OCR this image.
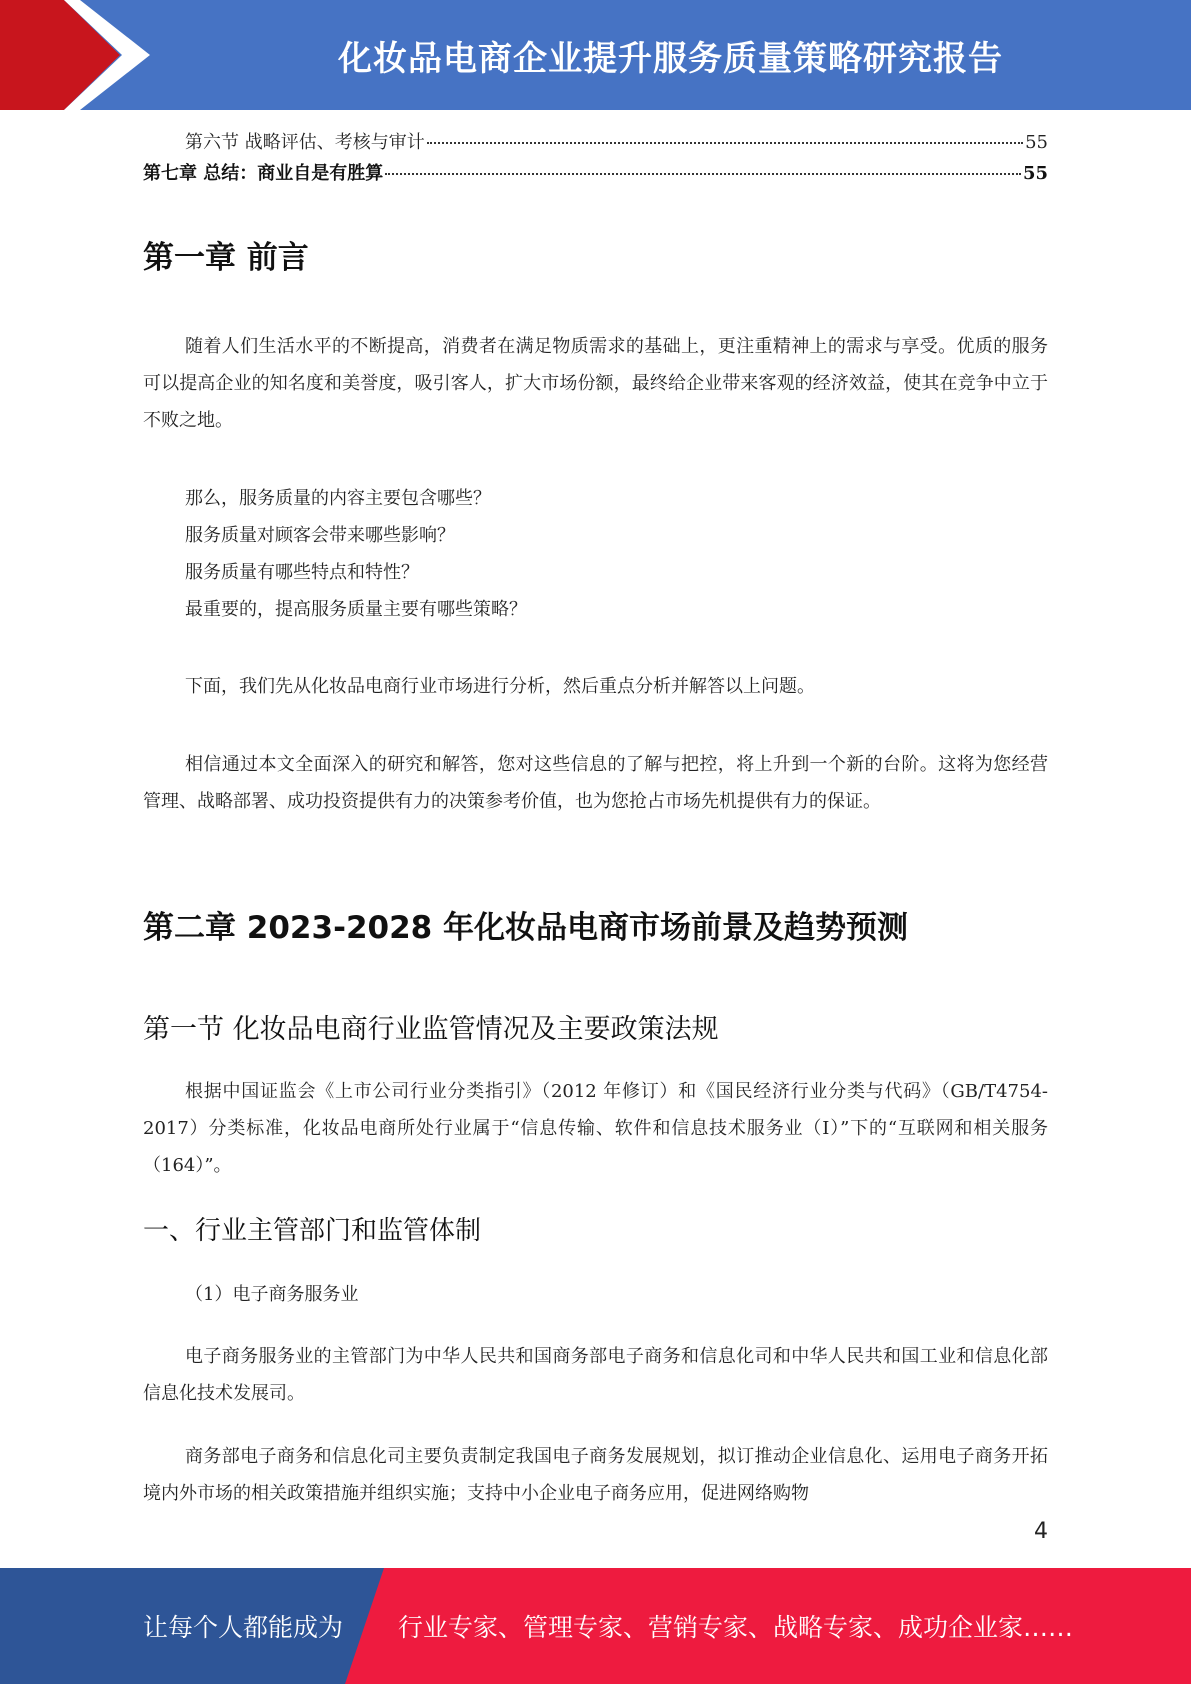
化妆品电商企业提升服务质量策略研究报告
第六节 战略评估、考核与审计	55
第七章 总结：商业自是有胜算	55
第一章 前言

随着人们生活水平的不断提高，消费者在满足物质需求的基础上，更注重精神上的需求与享受。优质的服务可以提高企业的知名度和美誉度，吸引客人，扩大市场份额，最终给企业带来客观的经济效益，使其在竞争中立于不败之地。

那么，服务质量的内容主要包含哪些？
服务质量对顾客会带来哪些影响？
服务质量有哪些特点和特性？
最重要的，提高服务质量主要有哪些策略？

下面，我们先从化妆品电商行业市场进行分析，然后重点分析并解答以上问题。

相信通过本文全面深入的研究和解答，您对这些信息的了解与把控，将上升到一个新的台阶。这将为您经营管理、战略部署、成功投资提供有力的决策参考价值，也为您抢占市场先机提供有力的保证。

第二章 2023-2028 年化妆品电商市场前景及趋势预测
第一节 化妆品电商行业监管情况及主要政策法规

根据中国证监会《上市公司行业分类指引》（2012 年修订）和《国民经济行业分类与代码》（GB/T4754-2017）分类标准，化妆品电商所处行业属于“信息传输、软件和信息技术服务业（I）”下的“互联网和相关服务（164）”。

一、行业主管部门和监管体制
（1）电子商务服务业

电子商务服务业的主管部门为中华人民共和国商务部电子商务和信息化司和中华人民共和国工业和信息化部信息化技术发展司。

商务部电子商务和信息化司主要负责制定我国电子商务发展规划，拟订推动企业信息化、运用电子商务开拓境内外市场的相关政策措施并组织实施；支持中小企业电子商务应用，促进网络购物

4
让每个人都能成为 行业专家、管理专家、营销专家、战略专家、成功企业家……
